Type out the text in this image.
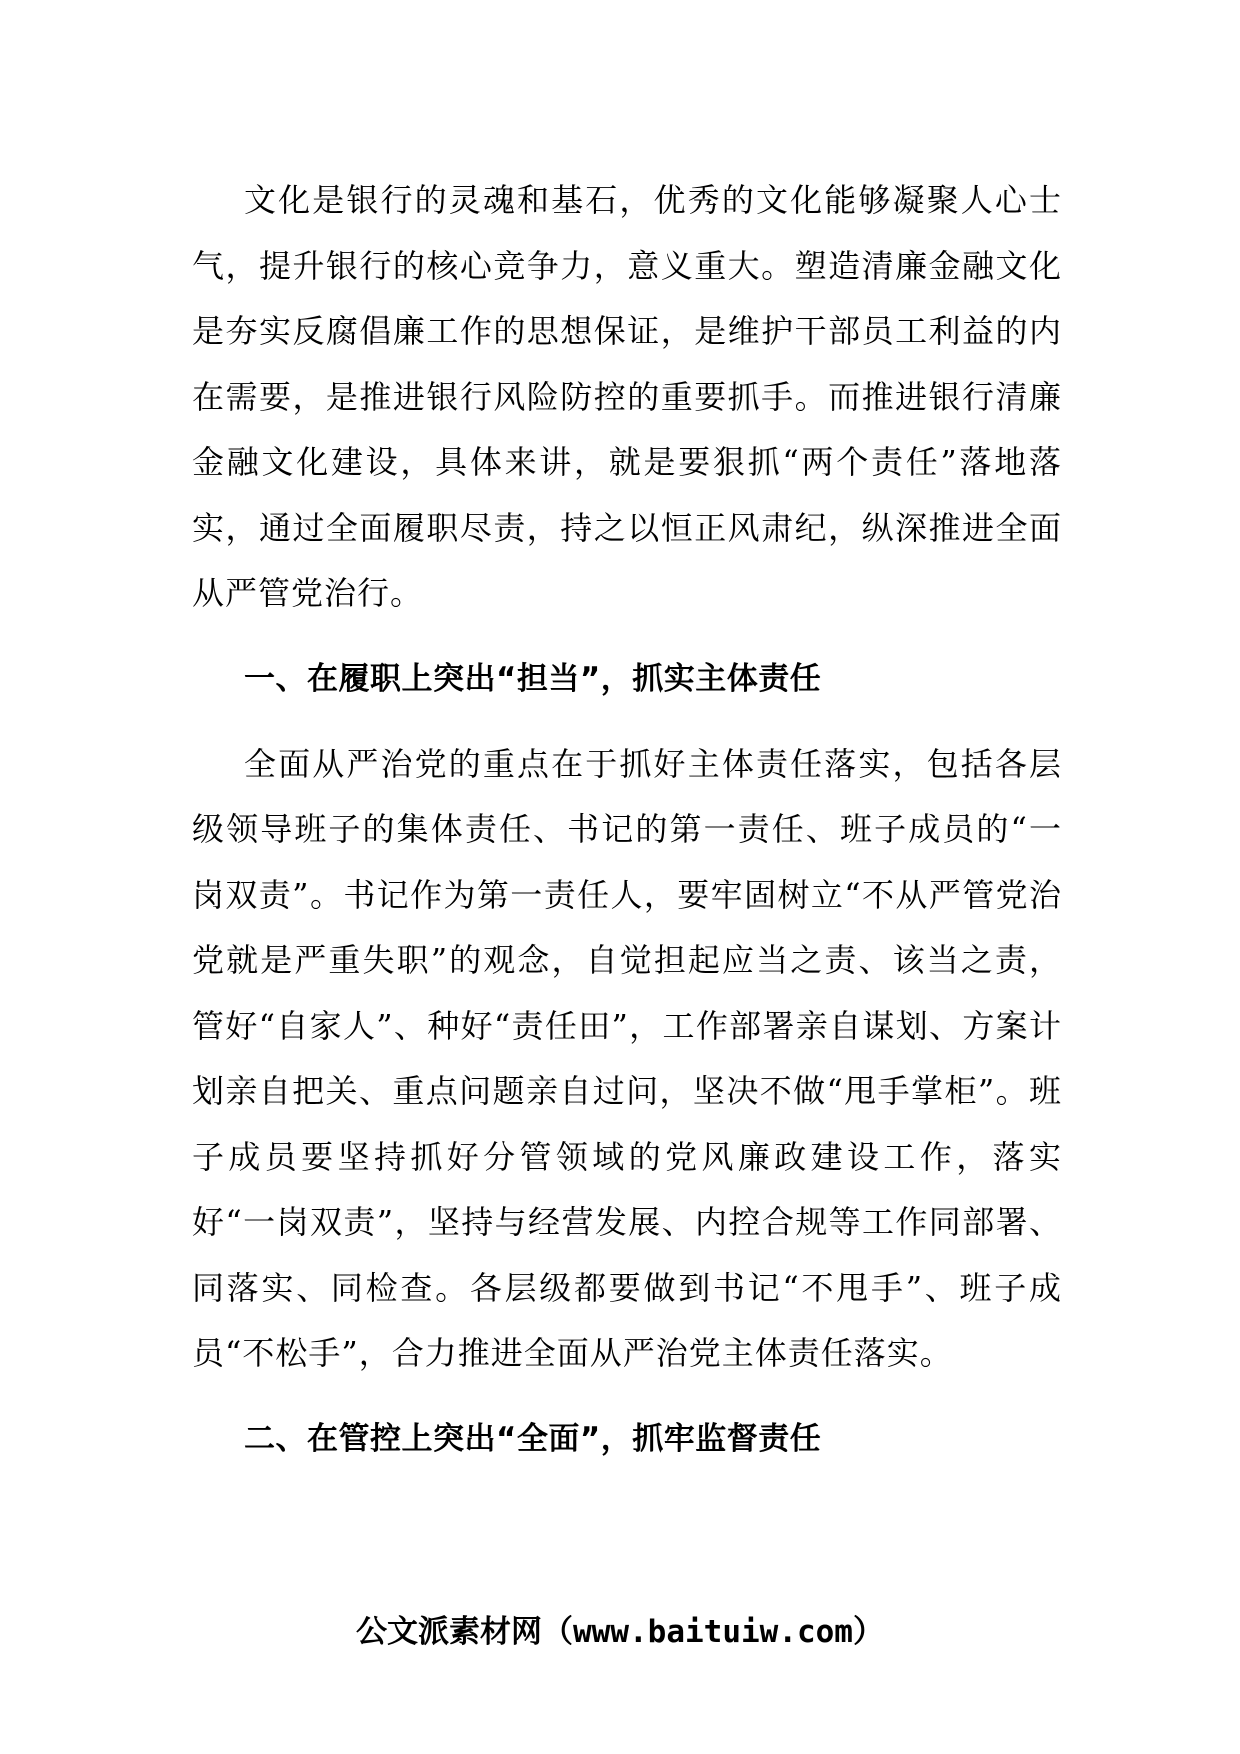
文化是银行的灵魂和基石，优秀的文化能够凝聚人心士气，提升银行的核心竞争力，意义重大。塑造清廉金融文化是夯实反腐倡廉工作的思想保证，是维护干部员工利益的内在需要，是推进银行风险防控的重要抓手。而推进银行清廉金融文化建设，具体来讲，就是要狠抓“两个责任”落地落实，通过全面履职尽责，持之以恒正风肃纪，纵深推进全面从严管党治行。

一、在履职上突出“担当”，抓实主体责任

全面从严治党的重点在于抓好主体责任落实，包括各层级领导班子的集体责任、书记的第一责任、班子成员的“一岗双责”。书记作为第一责任人，要牢固树立“不从严管党治党就是严重失职”的观念，自觉担起应当之责、该当之责，管好“自家人”、种好“责任田”，工作部署亲自谋划、方案计划亲自把关、重点问题亲自过问，坚决不做“甩手掌柜”。班子成员要坚持抓好分管领域的党风廉政建设工作，落实好“一岗双责”，坚持与经营发展、内控合规等工作同部署、同落实、同检查。各层级都要做到书记“不甩手”、班子成员“不松手”，合力推进全面从严治党主体责任落实。

二、在管控上突出“全面”，抓牢监督责任

公文派素材网（www.baituiw.com）
